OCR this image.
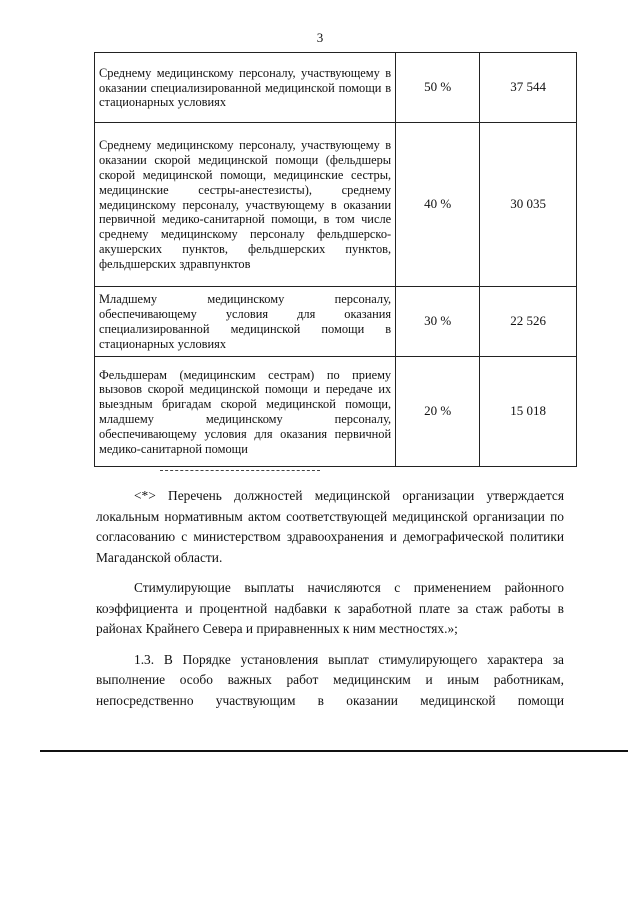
3
Среднему медицинскому персоналу, участвующему в оказании специализированной медицинской помощи в стационарных условиях	50 %	37 544
Среднему медицинскому персоналу, участвующему в оказании скорой медицинской помощи (фельдшеры скорой медицинской помощи, медицинские сестры, медицинские сестры-анестезисты), среднему медицинскому персоналу, участвующему в оказании первичной медико-санитарной помощи, в том числе среднему медицинскому персоналу фельдшерско-акушерских пунктов, фельдшерских пунктов, фельдшерских здравпунктов	40 %	30 035
Младшему медицинскому персоналу, обеспечивающему условия для оказания специализированной медицинской помощи в стационарных условиях	30 %	22 526
Фельдшерам (медицинским сестрам) по приему вызовов скорой медицинской помощи и передаче их выездным бригадам скорой медицинской помощи, младшему медицинскому персоналу, обеспечивающему условия для оказания первичной медико-санитарной помощи	20 %	15 018

<*> Перечень должностей медицинской организации утверждается локальным нормативным актом соответствующей медицинской организации по согласованию с министерством здравоохранения и демографической политики Магаданской области.

Стимулирующие выплаты начисляются с применением районного коэффициента и процентной надбавки к заработной плате за стаж работы в районах Крайнего Севера и приравненных к ним местностях.»;

1.3. В Порядке установления выплат стимулирующего характера за выполнение особо важных работ медицинским и иным работникам, непосредственно участвующим в оказании медицинской помощи
